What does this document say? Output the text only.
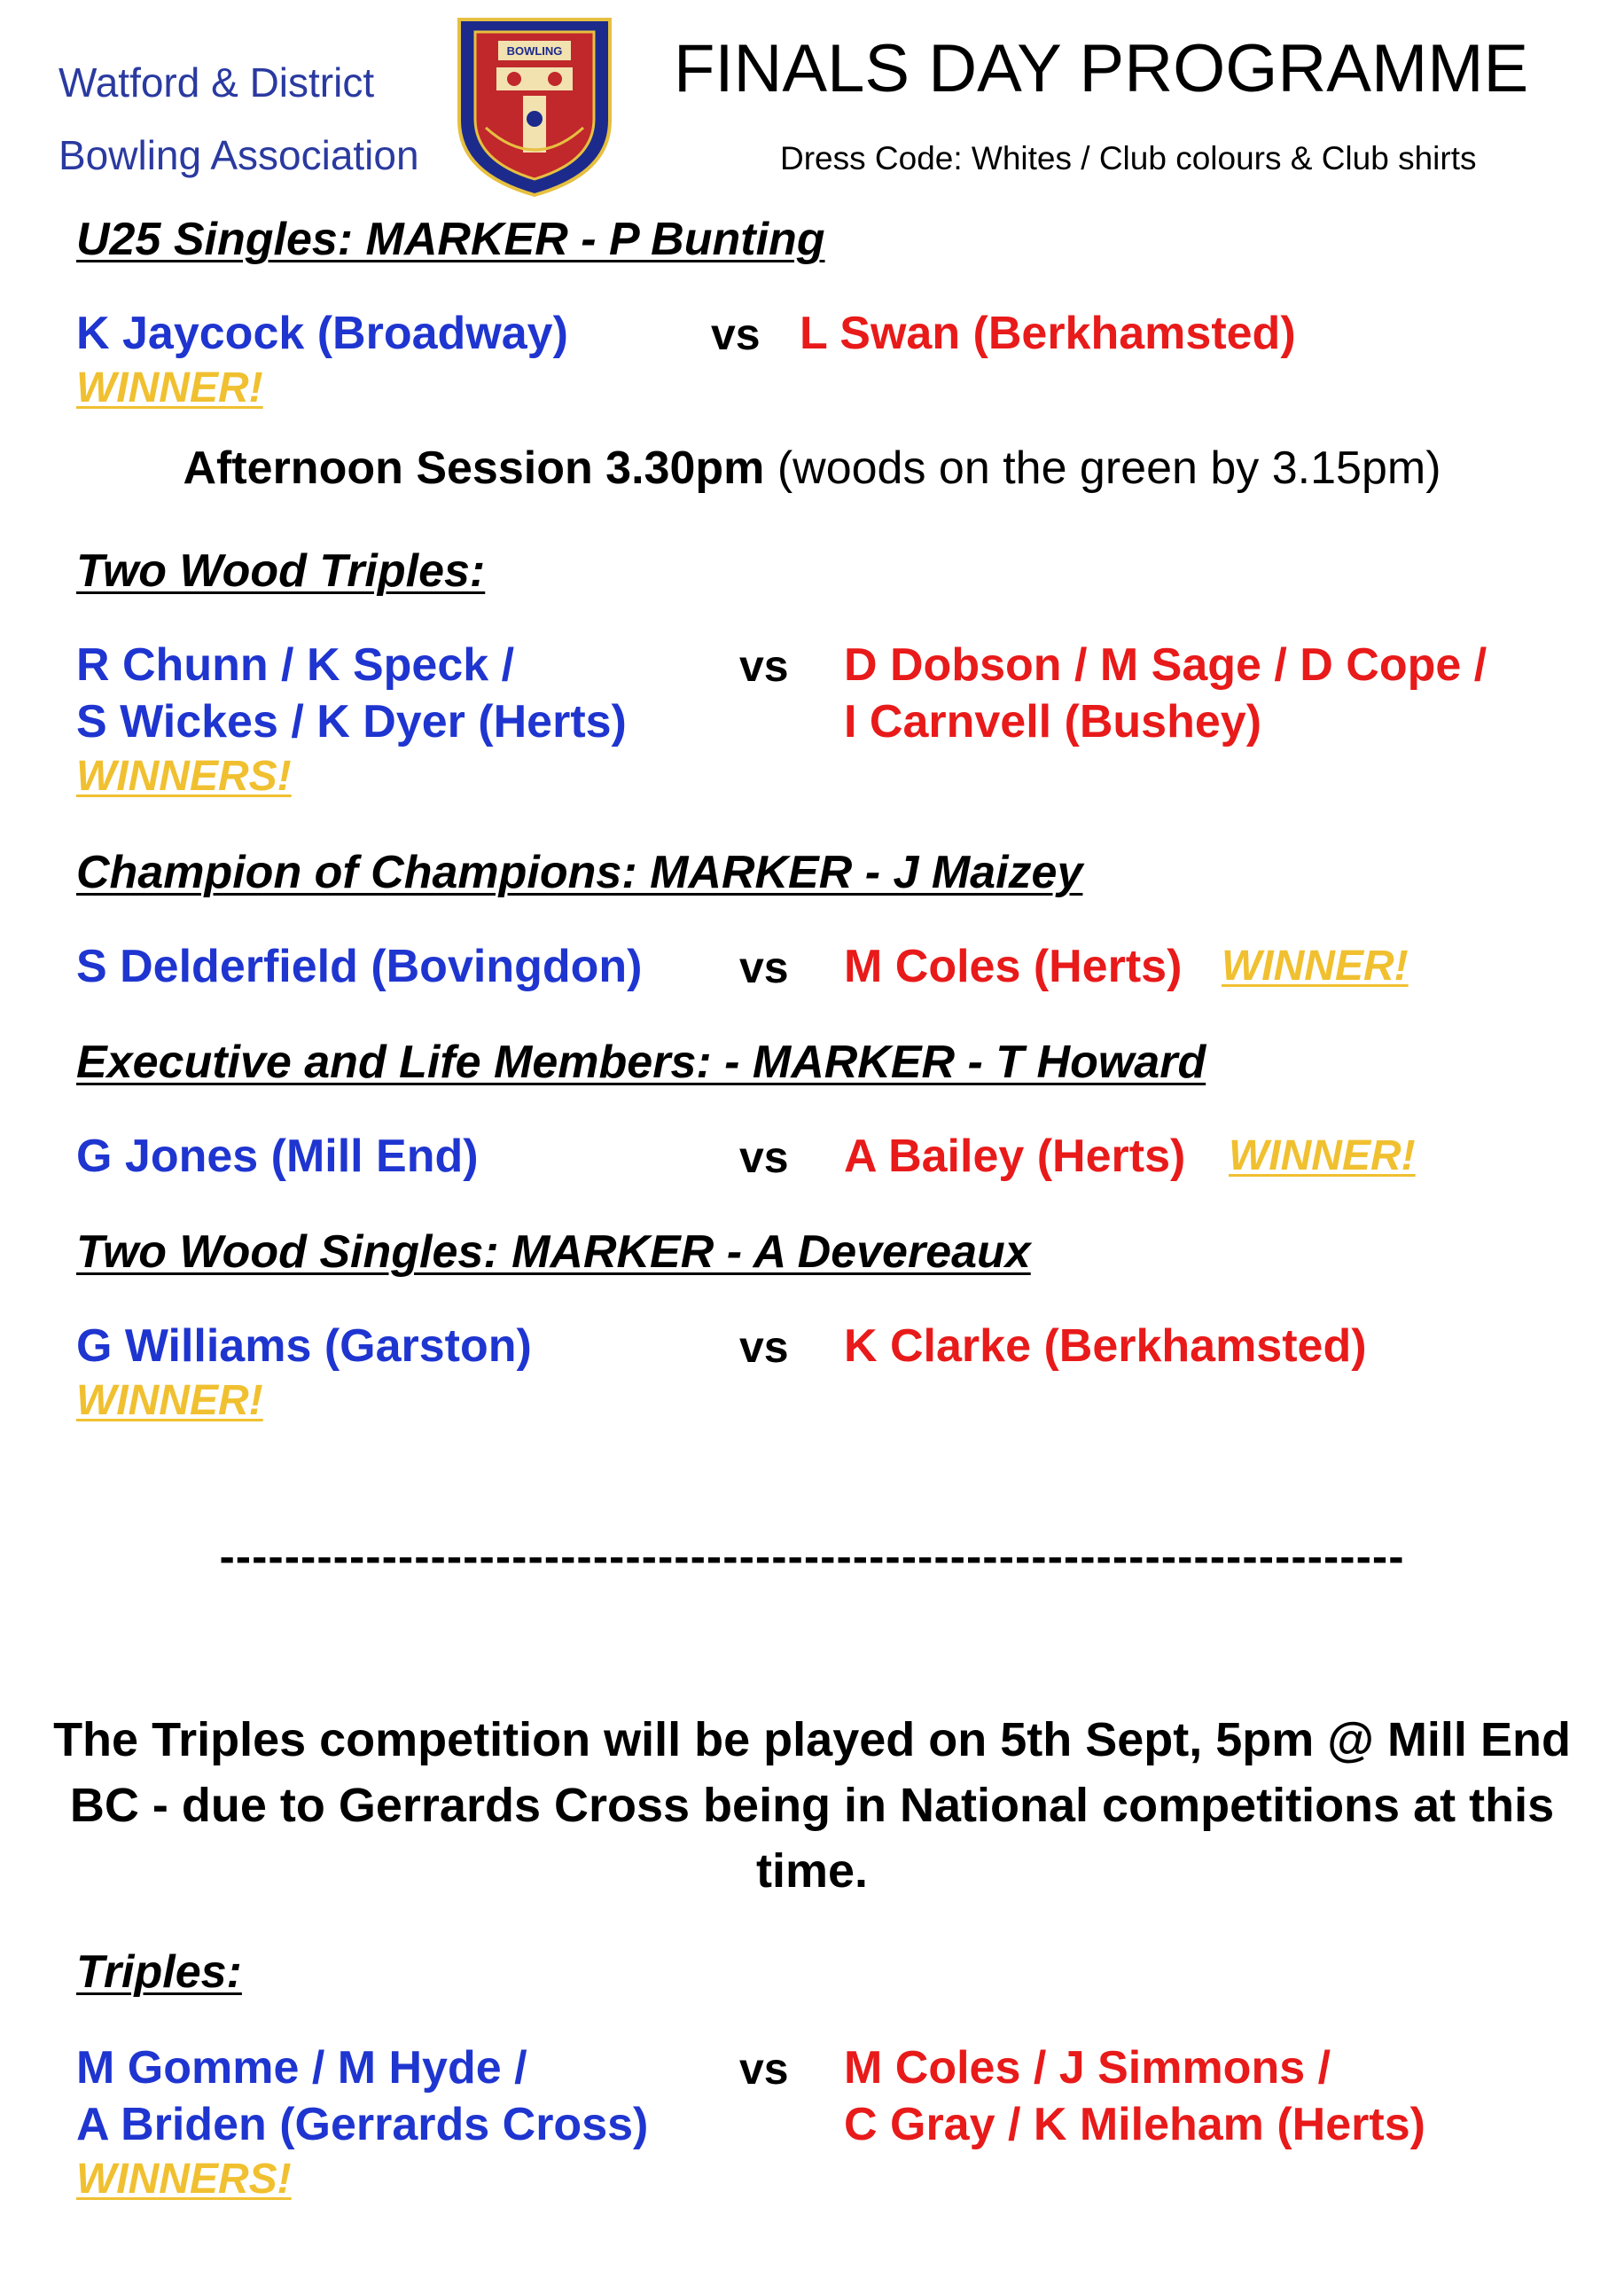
Watford & District
Bowling Association
BOWLING FINALS DAY PROGRAMME
Dress Code: Whites / Club colours & Club shirts
U25 Singles: MARKER - P Bunting
K Jaycock (Broadway)	vs L Swan (Berkhamsted)
WINNER!
Afternoon Session 3.30pm (woods on the green by 3.15pm)
Two Wood Triples:
R Chunn / K Speck /
S Wickes / K Dyer (Herts)
vs D Dobson / M Sage / D Cope /
I Carnvell (Bushey)
WINNERS!
Champion of Champions: MARKER - J Maizey
S Delderfield (Bovingdon) vs M Coles (Herts) WINNER!
Executive and Life Members: - MARKER - T Howard
G Jones (Mill End)	vs A Bailey (Herts) WINNER!
Two Wood Singles: MARKER - A Devereaux
G Williams (Garston)	vs K Clarke (Berkhamsted)
WINNER!
-------------------------------------------------------------------------
The Triples competition will be played on 5th Sept, 5pm @ Mill End BC - due to Gerrards Cross being in National competitions at this time.
Triples:
M Gomme / M Hyde /
A Briden (Gerrards Cross)
vs M Coles / J Simmons /
C Gray / K Mileham (Herts)
WINNERS!
